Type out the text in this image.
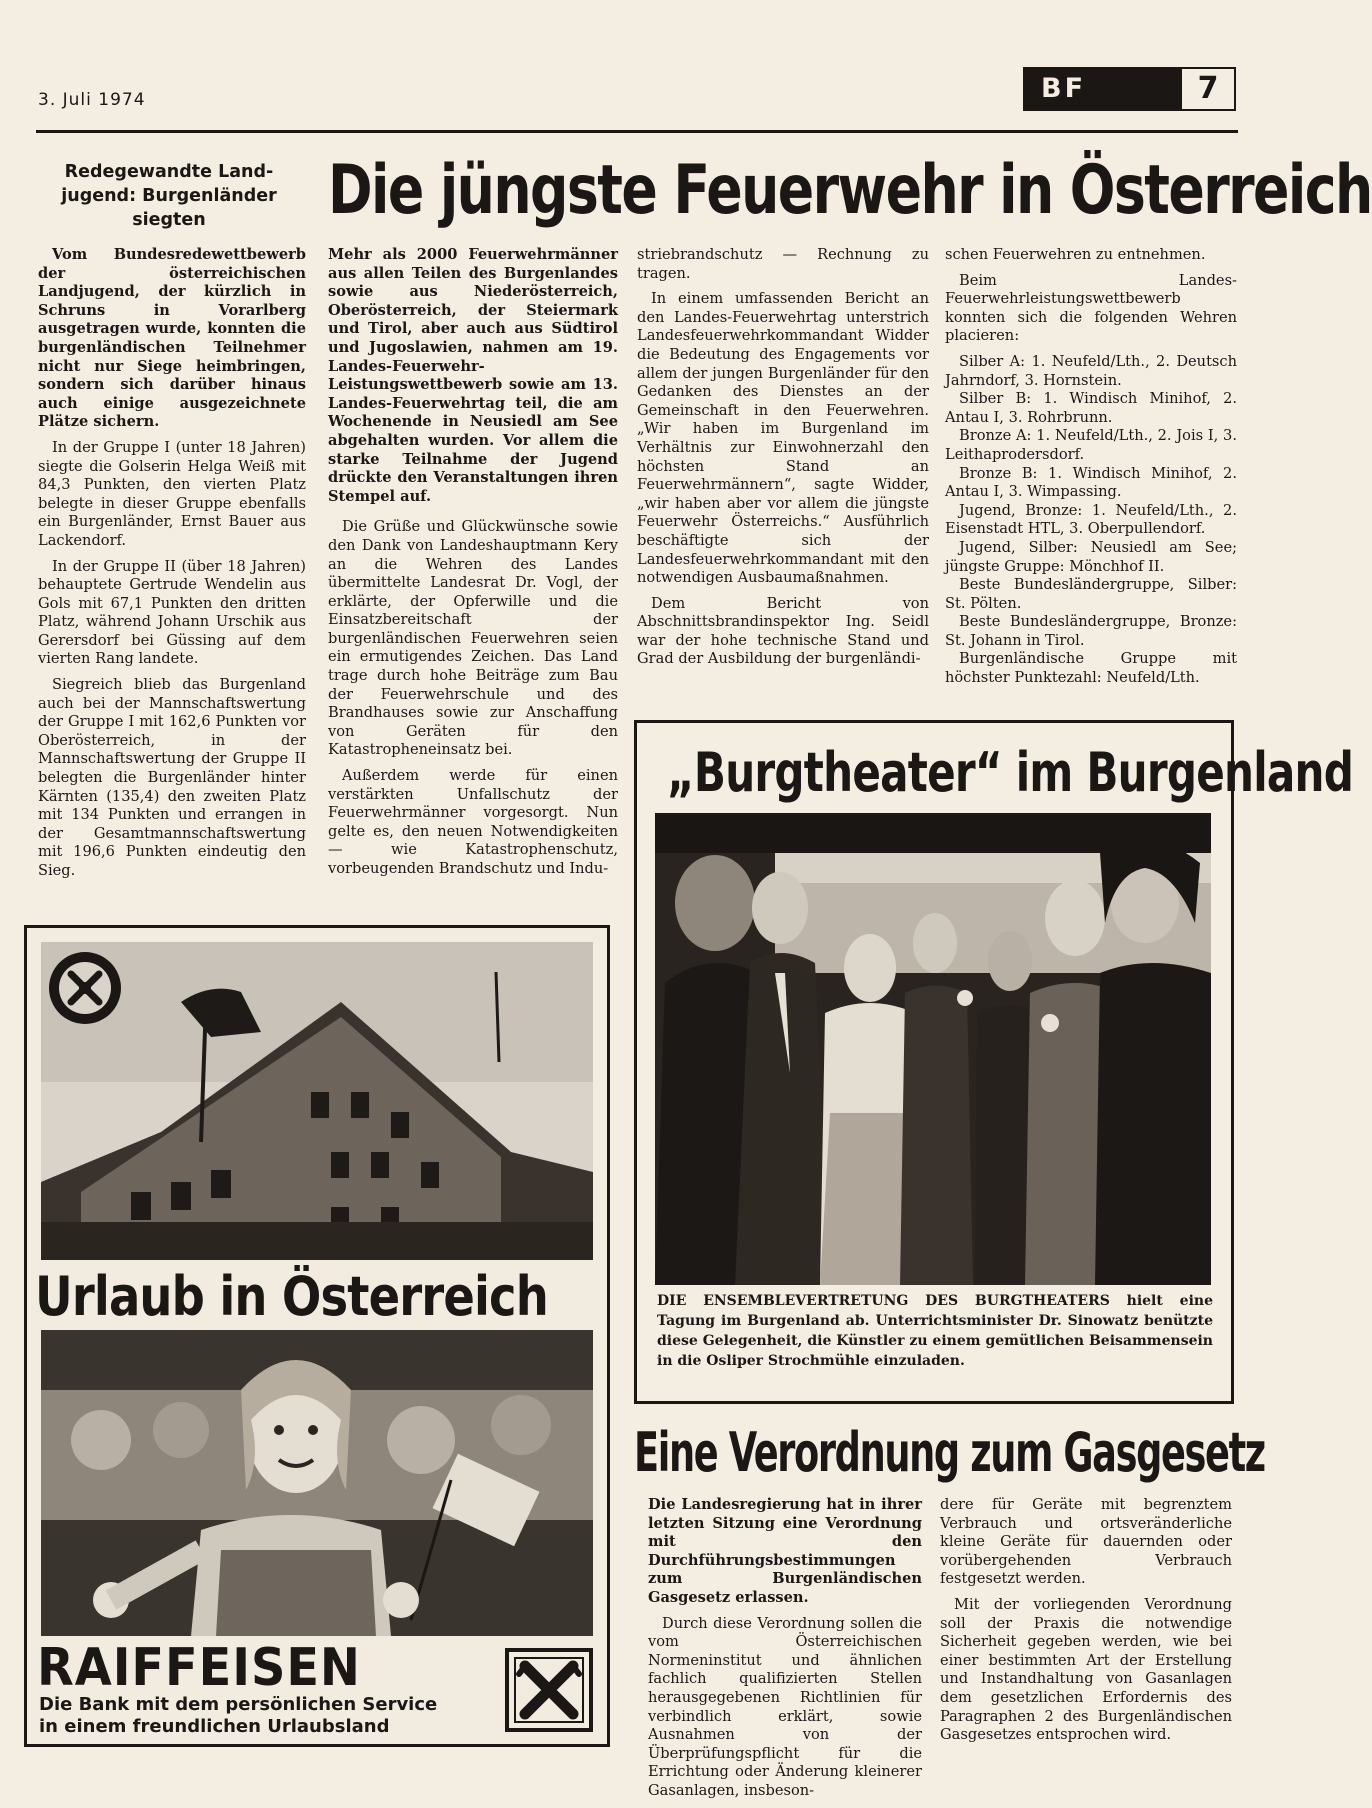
3. Juli 1974	BF	7
Redegewandte Land-
jugend: Burgenländer
siegten

Vom Bundesredewettbewerb der österreichischen Landjugend, der kürzlich in Schruns in Vorarlberg ausgetragen wurde, konnten die burgenländischen Teilnehmer nicht nur Siege heimbringen, sondern sich darüber hinaus auch einige ausgezeichnete Plätze sichern.

In der Gruppe I (unter 18 Jahren) siegte die Golserin Helga Weiß mit 84,3 Punkten, den vierten Platz belegte in dieser Gruppe ebenfalls ein Burgenländer, Ernst Bauer aus Lackendorf.

In der Gruppe II (über 18 Jahren) behauptete Gertrude Wendelin aus Gols mit 67,1 Punkten den dritten Platz, während Johann Urschik aus Gerersdorf bei Güssing auf dem vierten Rang landete.

Siegreich blieb das Burgenland auch bei der Mannschaftswertung der Gruppe I mit 162,6 Punkten vor Oberösterreich, in der Mannschaftswertung der Gruppe II belegten die Burgenländer hinter Kärnten (135,4) den zweiten Platz mit 134 Punkten und errangen in der Gesamtmannschaftswertung mit 196,6 Punkten eindeutig den Sieg.

Die jüngste Feuerwehr in Österreich

Mehr als 2000 Feuerwehrmänner aus allen Teilen des Burgenlandes sowie aus Niederösterreich, Oberösterreich, der Steiermark und Tirol, aber auch aus Südtirol und Jugoslawien, nahmen am 19. Landes-Feuerwehr-Leistungswettbewerb sowie am 13. Landes-Feuerwehrtag teil, die am Wochenende in Neusiedl am See abgehalten wurden. Vor allem die starke Teilnahme der Jugend drückte den Veranstaltungen ihren Stempel auf.

Die Grüße und Glückwünsche sowie den Dank von Landeshauptmann Kery an die Wehren des Landes übermittelte Landesrat Dr. Vogl, der erklärte, der Opferwille und die Einsatzbereitschaft der burgenländischen Feuerwehren seien ein ermutigendes Zeichen. Das Land trage durch hohe Beiträge zum Bau der Feuerwehrschule und des Brandhauses sowie zur Anschaffung von Geräten für den Katastropheneinsatz bei.

Außerdem werde für einen verstärkten Unfallschutz der Feuerwehrmänner vorgesorgt. Nun gelte es, den neuen Notwendigkeiten — wie Katastrophenschutz, vorbeugenden Brandschutz und Indu-

striebrandschutz — Rechnung zu tragen.

In einem umfassenden Bericht an den Landes-Feuerwehrtag unterstrich Landesfeuerwehrkommandant Widder die Bedeutung des Engagements vor allem der jungen Burgenländer für den Gedanken des Dienstes an der Gemeinschaft in den Feuerwehren. „Wir haben im Burgenland im Verhältnis zur Einwohnerzahl den höchsten Stand an Feuerwehrmännern“, sagte Widder, „wir haben aber vor allem die jüngste Feuerwehr Österreichs.“ Ausführlich beschäftigte sich der Landesfeuerwehrkommandant mit den notwendigen Ausbaumaßnahmen.

Dem Bericht von Abschnittsbrandinspektor Ing. Seidl war der hohe technische Stand und Grad der Ausbildung der burgenländi-

schen Feuerwehren zu entnehmen.

Beim Landes-Feuerwehrleistungswettbewerb konnten sich die folgenden Wehren placieren:

Silber A: 1. Neufeld/Lth., 2. Deutsch Jahrndorf, 3. Hornstein.

Silber B: 1. Windisch Minihof, 2. Antau I, 3. Rohrbrunn.

Bronze A: 1. Neufeld/Lth., 2. Jois I, 3. Leithaprodersdorf.

Bronze B: 1. Windisch Minihof, 2. Antau I, 3. Wimpassing.

Jugend, Bronze: 1. Neufeld/Lth., 2. Eisenstadt HTL, 3. Oberpullendorf.

Jugend, Silber: Neusiedl am See; jüngste Gruppe: Mönchhof II.

Beste Bundesländergruppe, Silber: St. Pölten.

Beste Bundesländergruppe, Bronze: St. Johann in Tirol.

Burgenländische Gruppe mit höchster Punktezahl: Neufeld/Lth.

Urlaub in Österreich
RAIFFEISEN
Die Bank mit dem persönlichen Service
in einem freundlichen Urlaubsland
„Burgtheater“ im Burgenland
DIE ENSEMBLEVERTRETUNG DES BURGTHEATERS hielt eine Tagung im Burgenland ab. Unterrichtsminister Dr. Sinowatz benützte diese Gelegenheit, die Künstler zu einem gemütlichen Beisammensein in die Osliper Strochmühle einzuladen.
Eine Verordnung zum Gasgesetz

Die Landesregierung hat in ihrer letzten Sitzung eine Verordnung mit den Durchführungsbestimmungen zum Burgenländischen Gasgesetz erlassen.

Durch diese Verordnung sollen die vom Österreichischen Normeninstitut und ähnlichen fachlich qualifizierten Stellen herausgegebenen Richtlinien für verbindlich erklärt, sowie Ausnahmen von der Überprüfungspflicht für die Errichtung oder Änderung kleinerer Gasanlagen, insbeson-

dere für Geräte mit begrenztem Verbrauch und ortsveränderliche kleine Geräte für dauernden oder vorübergehenden Verbrauch festgesetzt werden.

Mit der vorliegenden Verordnung soll der Praxis die notwendige Sicherheit gegeben werden, wie bei einer bestimmten Art der Erstellung und Instandhaltung von Gasanlagen dem gesetzlichen Erfordernis des Paragraphen 2 des Burgenländischen Gasgesetzes entsprochen wird.
